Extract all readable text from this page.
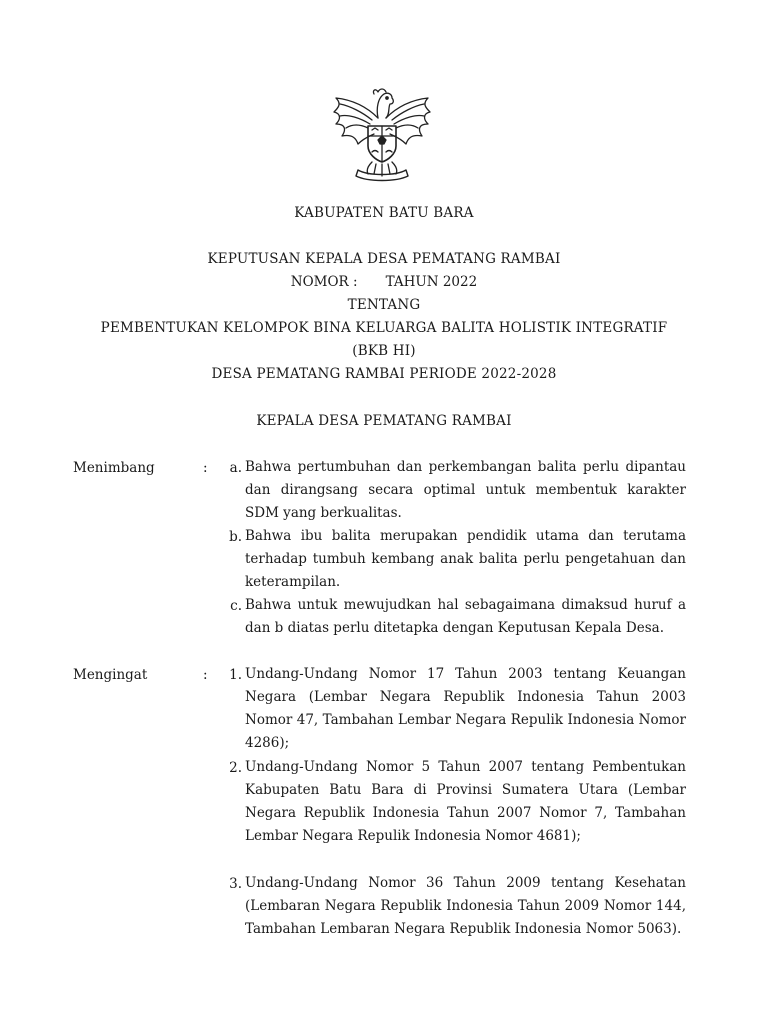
KABUPATEN BATU BARA
KEPUTUSAN KEPALA DESA PEMATANG RAMBAI
NOMOR : TAHUN 2022
TENTANG
PEMBENTUKAN KELOMPOK BINA KELUARGA BALITA HOLISTIK INTEGRATIF
(BKB HI)
DESA PEMATANG RAMBAI PERIODE 2022-2028
KEPALA DESA PEMATANG RAMBAI
Menimbang	:	a. Bahwa pertumbuhan dan perkembangan balita perlu dipantau dan dirangsang secara optimal untuk membentuk karakter SDM yang berkualitas.
b. Bahwa ibu balita merupakan pendidik utama dan terutama terhadap tumbuh kembang anak balita perlu pengetahuan dan keterampilan.
c. Bahwa untuk mewujudkan hal sebagaimana dimaksud huruf a dan b diatas perlu ditetapka dengan Keputusan Kepala Desa.
Mengingat	:	1. Undang-Undang Nomor 17 Tahun 2003 tentang Keuangan Negara (Lembar Negara Republik Indonesia Tahun 2003 Nomor 47, Tambahan Lembar Negara Repulik Indonesia Nomor 4286);
2. Undang-Undang Nomor 5 Tahun 2007 tentang Pembentukan Kabupaten Batu Bara di Provinsi Sumatera Utara (Lembar Negara Republik Indonesia Tahun 2007 Nomor 7, Tambahan Lembar Negara Repulik Indonesia Nomor 4681);
3. Undang-Undang Nomor 36 Tahun 2009 tentang Kesehatan (Lembaran Negara Republik Indonesia Tahun 2009 Nomor 144, Tambahan Lembaran Negara Republik Indonesia Nomor 5063).
